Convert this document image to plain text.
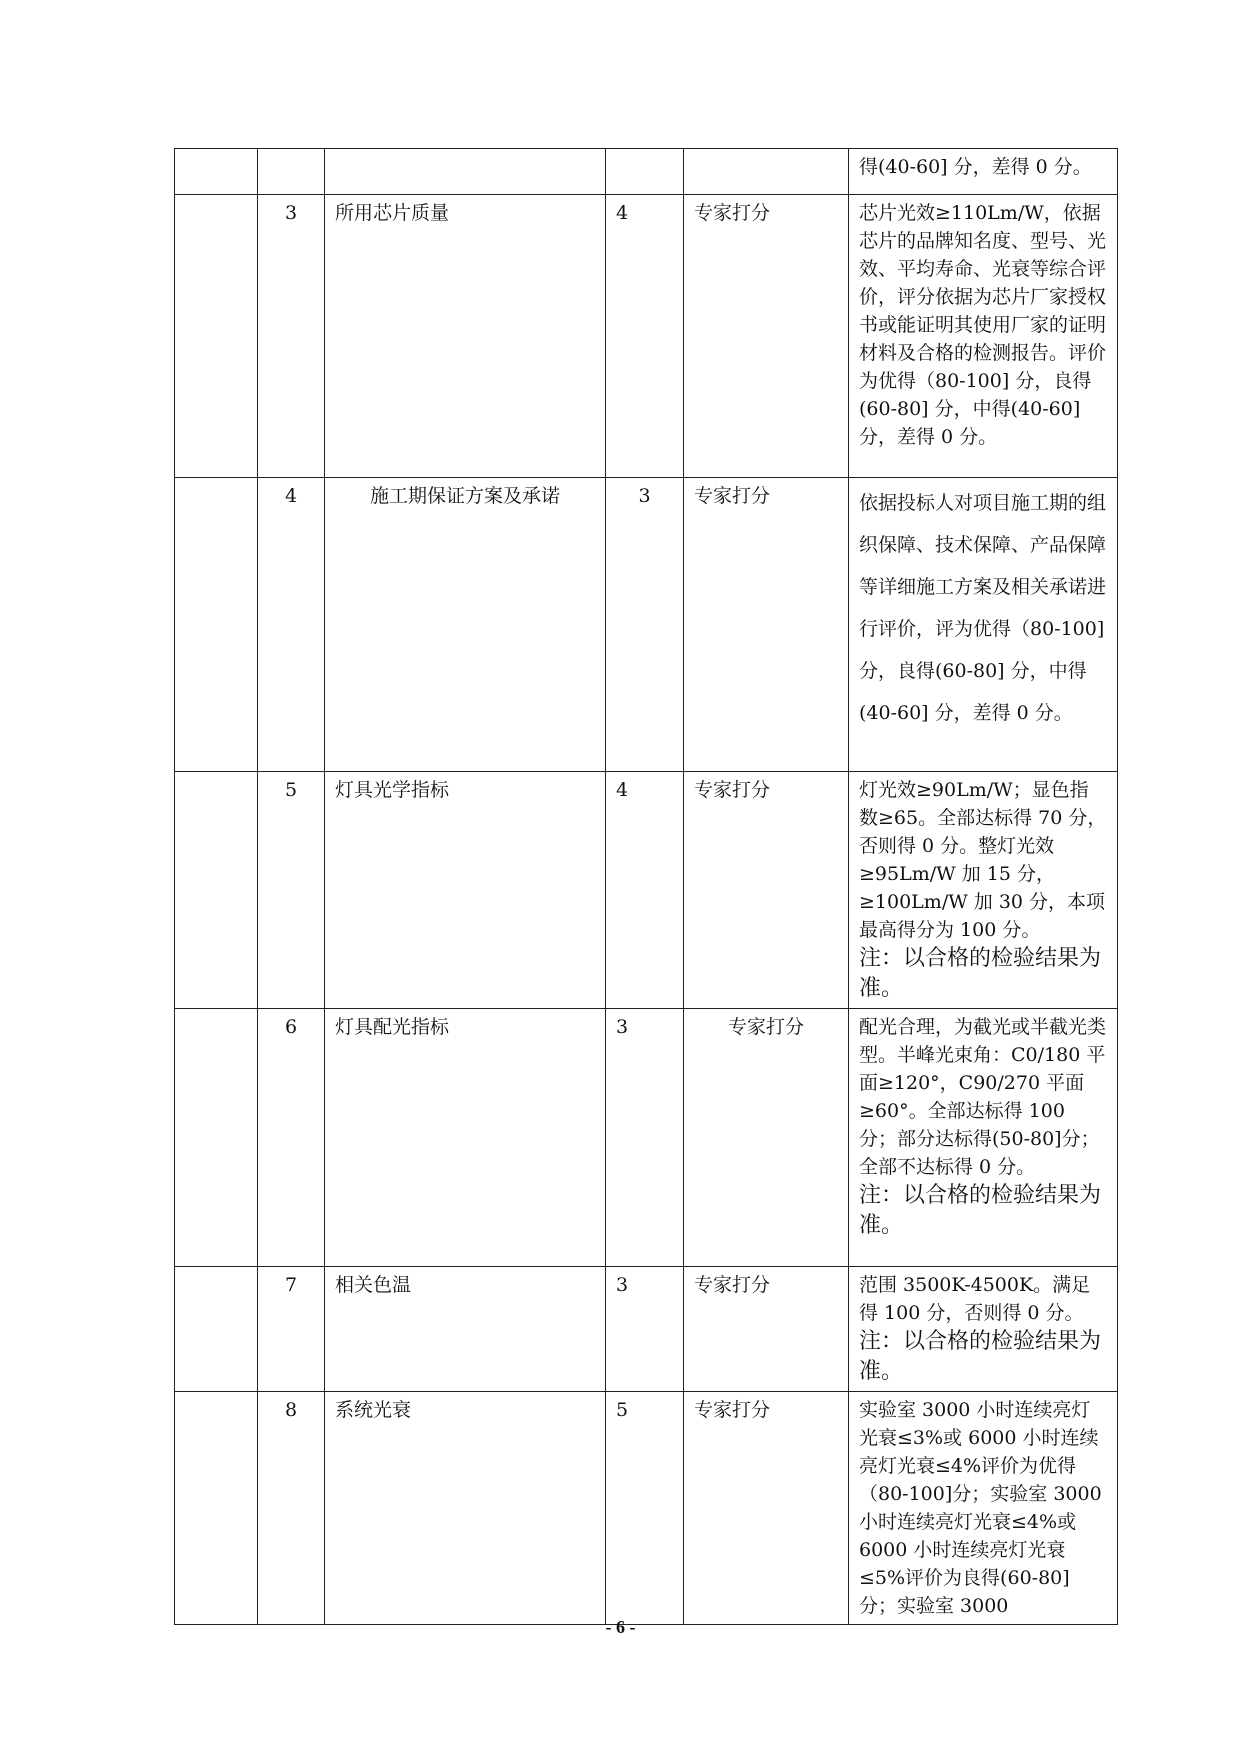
					得(40-60] 分，差得 0 分。
	3	所用芯片质量	4	专家打分	芯片光效≥110Lm/W，依据芯片的品牌知名度、型号、光效、平均寿命、光衰等综合评价，评分依据为芯片厂家授权书或能证明其使用厂家的证明材料及合格的检测报告。评价为优得（80-100] 分，良得(60-80] 分，中得(40-60] 分，差得 0 分。
	4	施工期保证方案及承诺	3	专家打分	依据投标人对项目施工期的组织保障、技术保障、产品保障等详细施工方案及相关承诺进行评价，评为优得（80-100]分，良得(60-80] 分，中得(40-60] 分，差得 0 分。
	5	灯具光学指标	4	专家打分	灯光效≥90Lm/W；显色指数≥65。全部达标得 70 分，否则得 0 分。整灯光效≥95Lm/W 加 15 分，≥100Lm/W 加 30 分，本项最高得分为 100 分。
注：以合格的检验结果为准。

	6	灯具配光指标	3	专家打分	配光合理，为截光或半截光类型。半峰光束角：C0/180 平面≥120°，C90/270 平面≥60°。全部达标得 100 分；部分达标得(50-80]分；全部不达标得 0 分。
注：以合格的检验结果为准。

	7	相关色温	3	专家打分	范围 3500K-4500K。满足得 100 分，否则得 0 分。
注：以合格的检验结果为准。

	8	系统光衰	5	专家打分	实验室 3000 小时连续亮灯光衰≤3%或 6000 小时连续亮灯光衰≤4%评价为优得（80-100]分；实验室 3000 小时连续亮灯光衰≤4%或 6000 小时连续亮灯光衰≤5%评价为良得(60-80]分；实验室 3000
- 6 -
